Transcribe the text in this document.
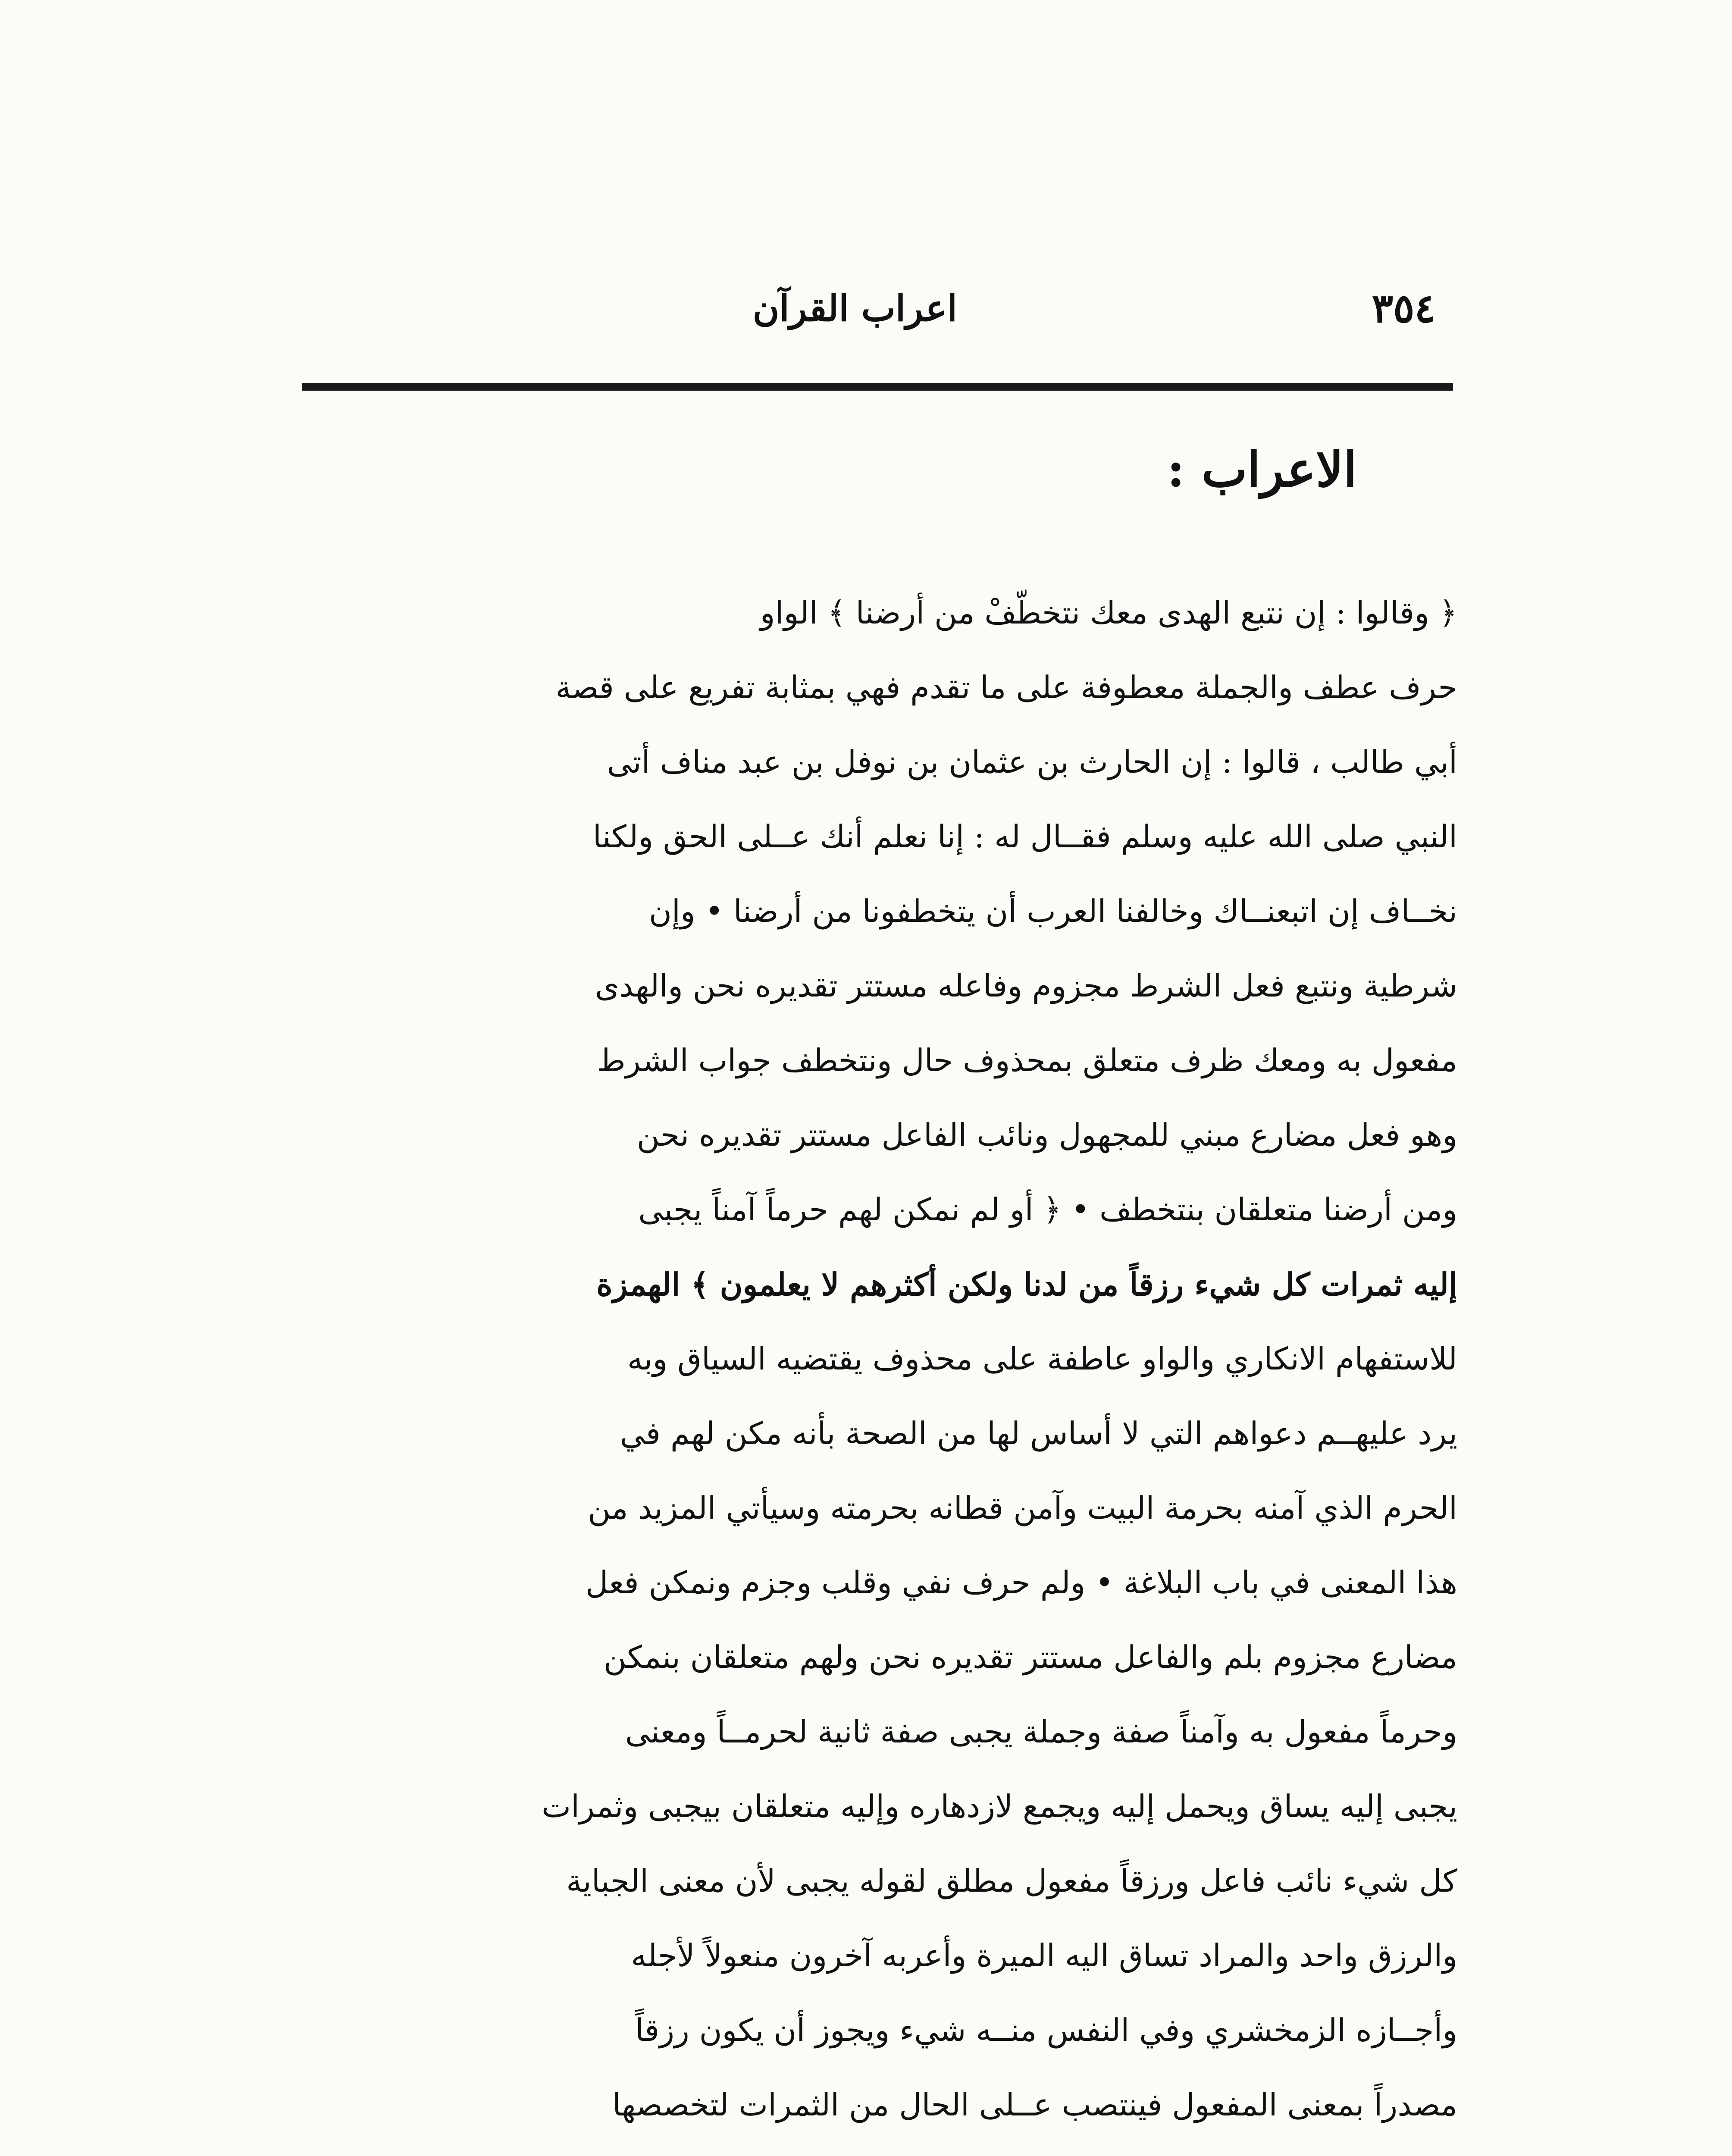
٣٥٤
اعراب القرآن
الاعراب :
﴿ وقالوا : إن نتبع الهدى معك نتخطّفْ من أرضنا ﴾ الواو
حرف عطف والجملة معطوفة على ما تقدم فهي بمثابة تفريع على قصة
أبي طالب ، قالوا : إن الحارث بن عثمان بن نوفل بن عبد مناف أتى
النبي صلى الله عليه وسلم فقــال له : إنا نعلم أنك عــلى الحق ولكنا
نخــاف إن اتبعنــاك وخالفنا العرب أن يتخطفونا من أرضنا • وإن
شرطية ونتبع فعل الشرط مجزوم وفاعله مستتر تقديره نحن والهدى
مفعول به ومعك ظرف متعلق بمحذوف حال ونتخطف جواب الشرط
وهو فعل مضارع مبني للمجهول ونائب الفاعل مستتر تقديره نحن
ومن أرضنا متعلقان بنتخطف • ﴿ أو لم نمكن لهم حرماً آمناً يجبى
إليه ثمرات كل شيء رزقاً من لدنا ولكن أكثرهم لا يعلمون ﴾ الهمزة
للاستفهام الانكاري والواو عاطفة على محذوف يقتضيه السياق وبه
يرد عليهــم دعواهم التي لا أساس لها من الصحة بأنه مكن لهم في
الحرم الذي آمنه بحرمة البيت وآمن قطانه بحرمته وسيأتي المزيد من
هذا المعنى في باب البلاغة • ولم حرف نفي وقلب وجزم ونمكن فعل
مضارع مجزوم بلم والفاعل مستتر تقديره نحن ولهم متعلقان بنمكن
وحرماً مفعول به وآمناً صفة وجملة يجبى صفة ثانية لحرمــاً ومعنى
يجبى إليه يساق ويحمل إليه ويجمع لازدهاره وإليه متعلقان بيجبى وثمرات
كل شيء نائب فاعل ورزقاً مفعول مطلق لقوله يجبى لأن معنى الجباية
والرزق واحد والمراد تساق اليه الميرة وأعربه آخرون منعولاً لأجله
وأجــازه الزمخشري وفي النفس منــه شيء ويجوز أن يكون رزقاً
مصدراً بمعنى المفعول فينتصب عــلى الحال من الثمرات لتخصصها
